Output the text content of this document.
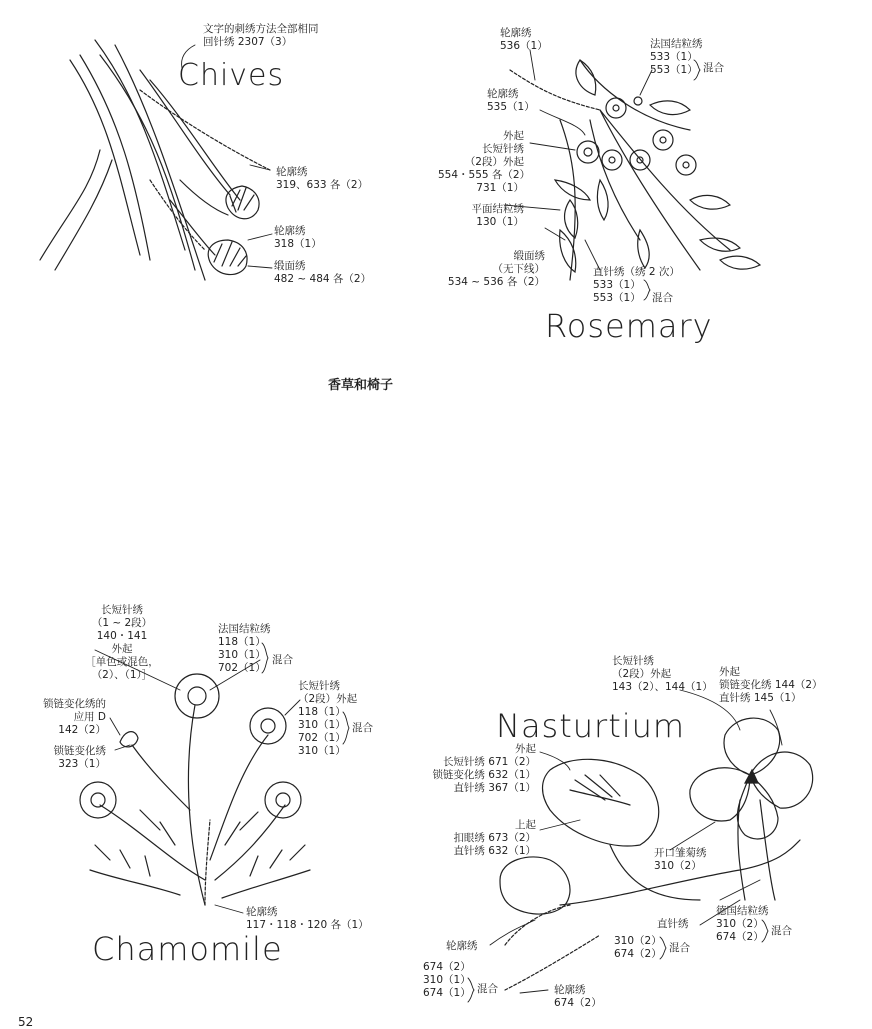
Chives
Rosemary
Chamomile
Nasturtium
香草和椅子
52
文字的刺绣方法全部相同
回针绣 2307（3）
轮廓绣
319、633 各（2）
轮廓绣
318（1）
缎面绣
482 ~ 484 各（2）
轮廓绣
536（1）	法国结粒绣
533（1）
553（1） 混合
轮廓绣
535（1）
外起
长短针绣
（2段）外起
554・555 各（2）
731（1）
平面结粒绣
130（1）
缎面绣
（无下线）
534 ~ 536 各（2）
直针绣（绣 2 次）
533（1）
553（1）	混合
长短针绣
（1 ~ 2段）
140・141
外起
［单色或混色，
（2）、（1）］
法国结粒绣
118（1）
310（1）
702（1）
混合
长短针绣
（2段）外起
118（1）
310（1）
702（1）
310（1）
混合
锁链变化绣的
应用 D
142（2）
锁链变化绣
323（1）
轮廓绣
117・118・120 各（1）
长短针绣
（2段）外起
143（2）、144（1）
外起
锁链变化绣 144（2）
直针绣 145（1）
外起
长短针绣 671（2）
锁链变化绣 632（1）
直针绣 367（1）
上起
扣眼绣 673（2）
直针绣 632（1）	开口雏菊绣
310（2）
直针绣
310（2）
674（2） 混合
德国结粒绣
310（2）
674（2） 混合
轮廓绣
674（2）
310（1）
674（1） 混合	轮廓绣
674（2）
